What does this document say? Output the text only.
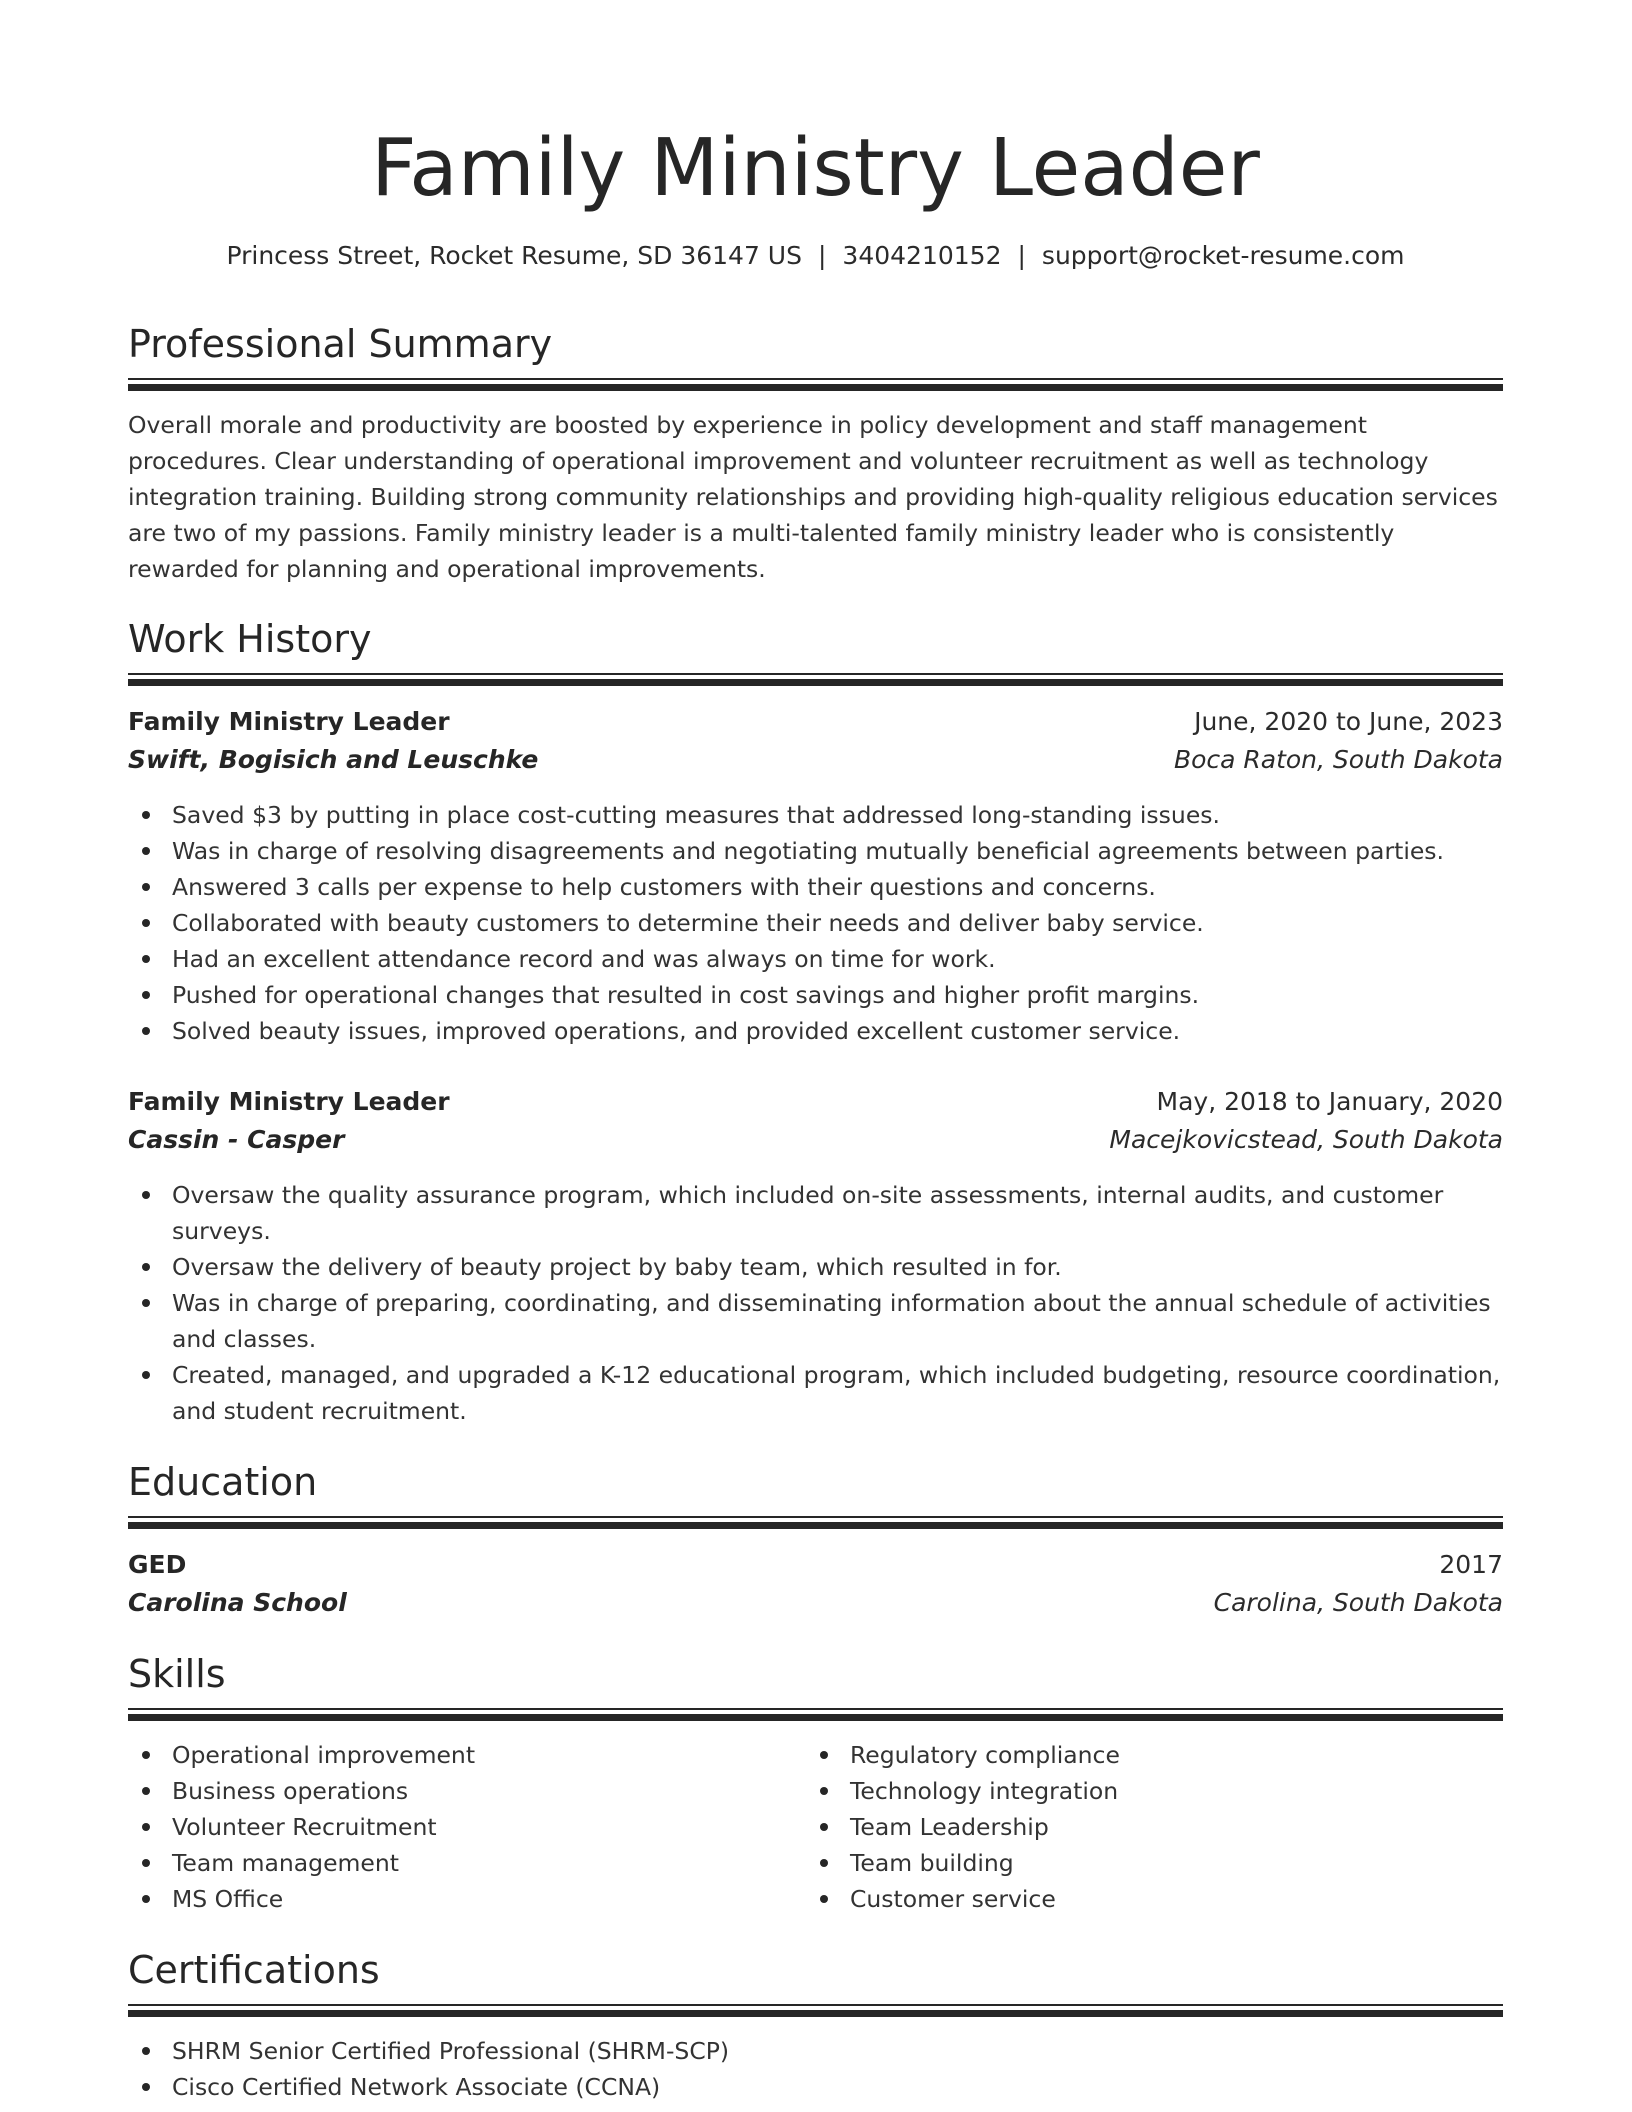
Family Ministry Leader
Princess Street, Rocket Resume, SD 36147 US | 3404210152 | support@rocket-resume.com
Professional Summary
Overall morale and productivity are boosted by experience in policy development and staff management procedures. Clear understanding of operational improvement and volunteer recruitment as well as technology integration training. Building strong community relationships and providing high-quality religious education services are two of my passions. Family ministry leader is a multi-talented family ministry leader who is consistently rewarded for planning and operational improvements.
Work History
Family Ministry Leader	June, 2020 to June, 2023
Swift, Bogisich and Leuschke	Boca Raton, South Dakota
Saved $3 by putting in place cost-cutting measures that addressed long-standing issues.
Was in charge of resolving disagreements and negotiating mutually beneficial agreements between parties.
Answered 3 calls per expense to help customers with their questions and concerns.
Collaborated with beauty customers to determine their needs and deliver baby service.
Had an excellent attendance record and was always on time for work.
Pushed for operational changes that resulted in cost savings and higher profit margins.
Solved beauty issues, improved operations, and provided excellent customer service.
Family Ministry Leader	May, 2018 to January, 2020
Cassin - Casper	Macejkovicstead, South Dakota
Oversaw the quality assurance program, which included on-site assessments, internal audits, and customer surveys.
Oversaw the delivery of beauty project by baby team, which resulted in for.
Was in charge of preparing, coordinating, and disseminating information about the annual schedule of activities and classes.
Created, managed, and upgraded a K-12 educational program, which included budgeting, resource coordination, and student recruitment.
Education
GED	2017
Carolina School	Carolina, South Dakota
Skills
Operational improvement
Business operations
Volunteer Recruitment
Team management
MS Office
Regulatory compliance
Technology integration
Team Leadership
Team building
Customer service
Certifications
SHRM Senior Certified Professional (SHRM-SCP)
Cisco Certified Network Associate (CCNA)
